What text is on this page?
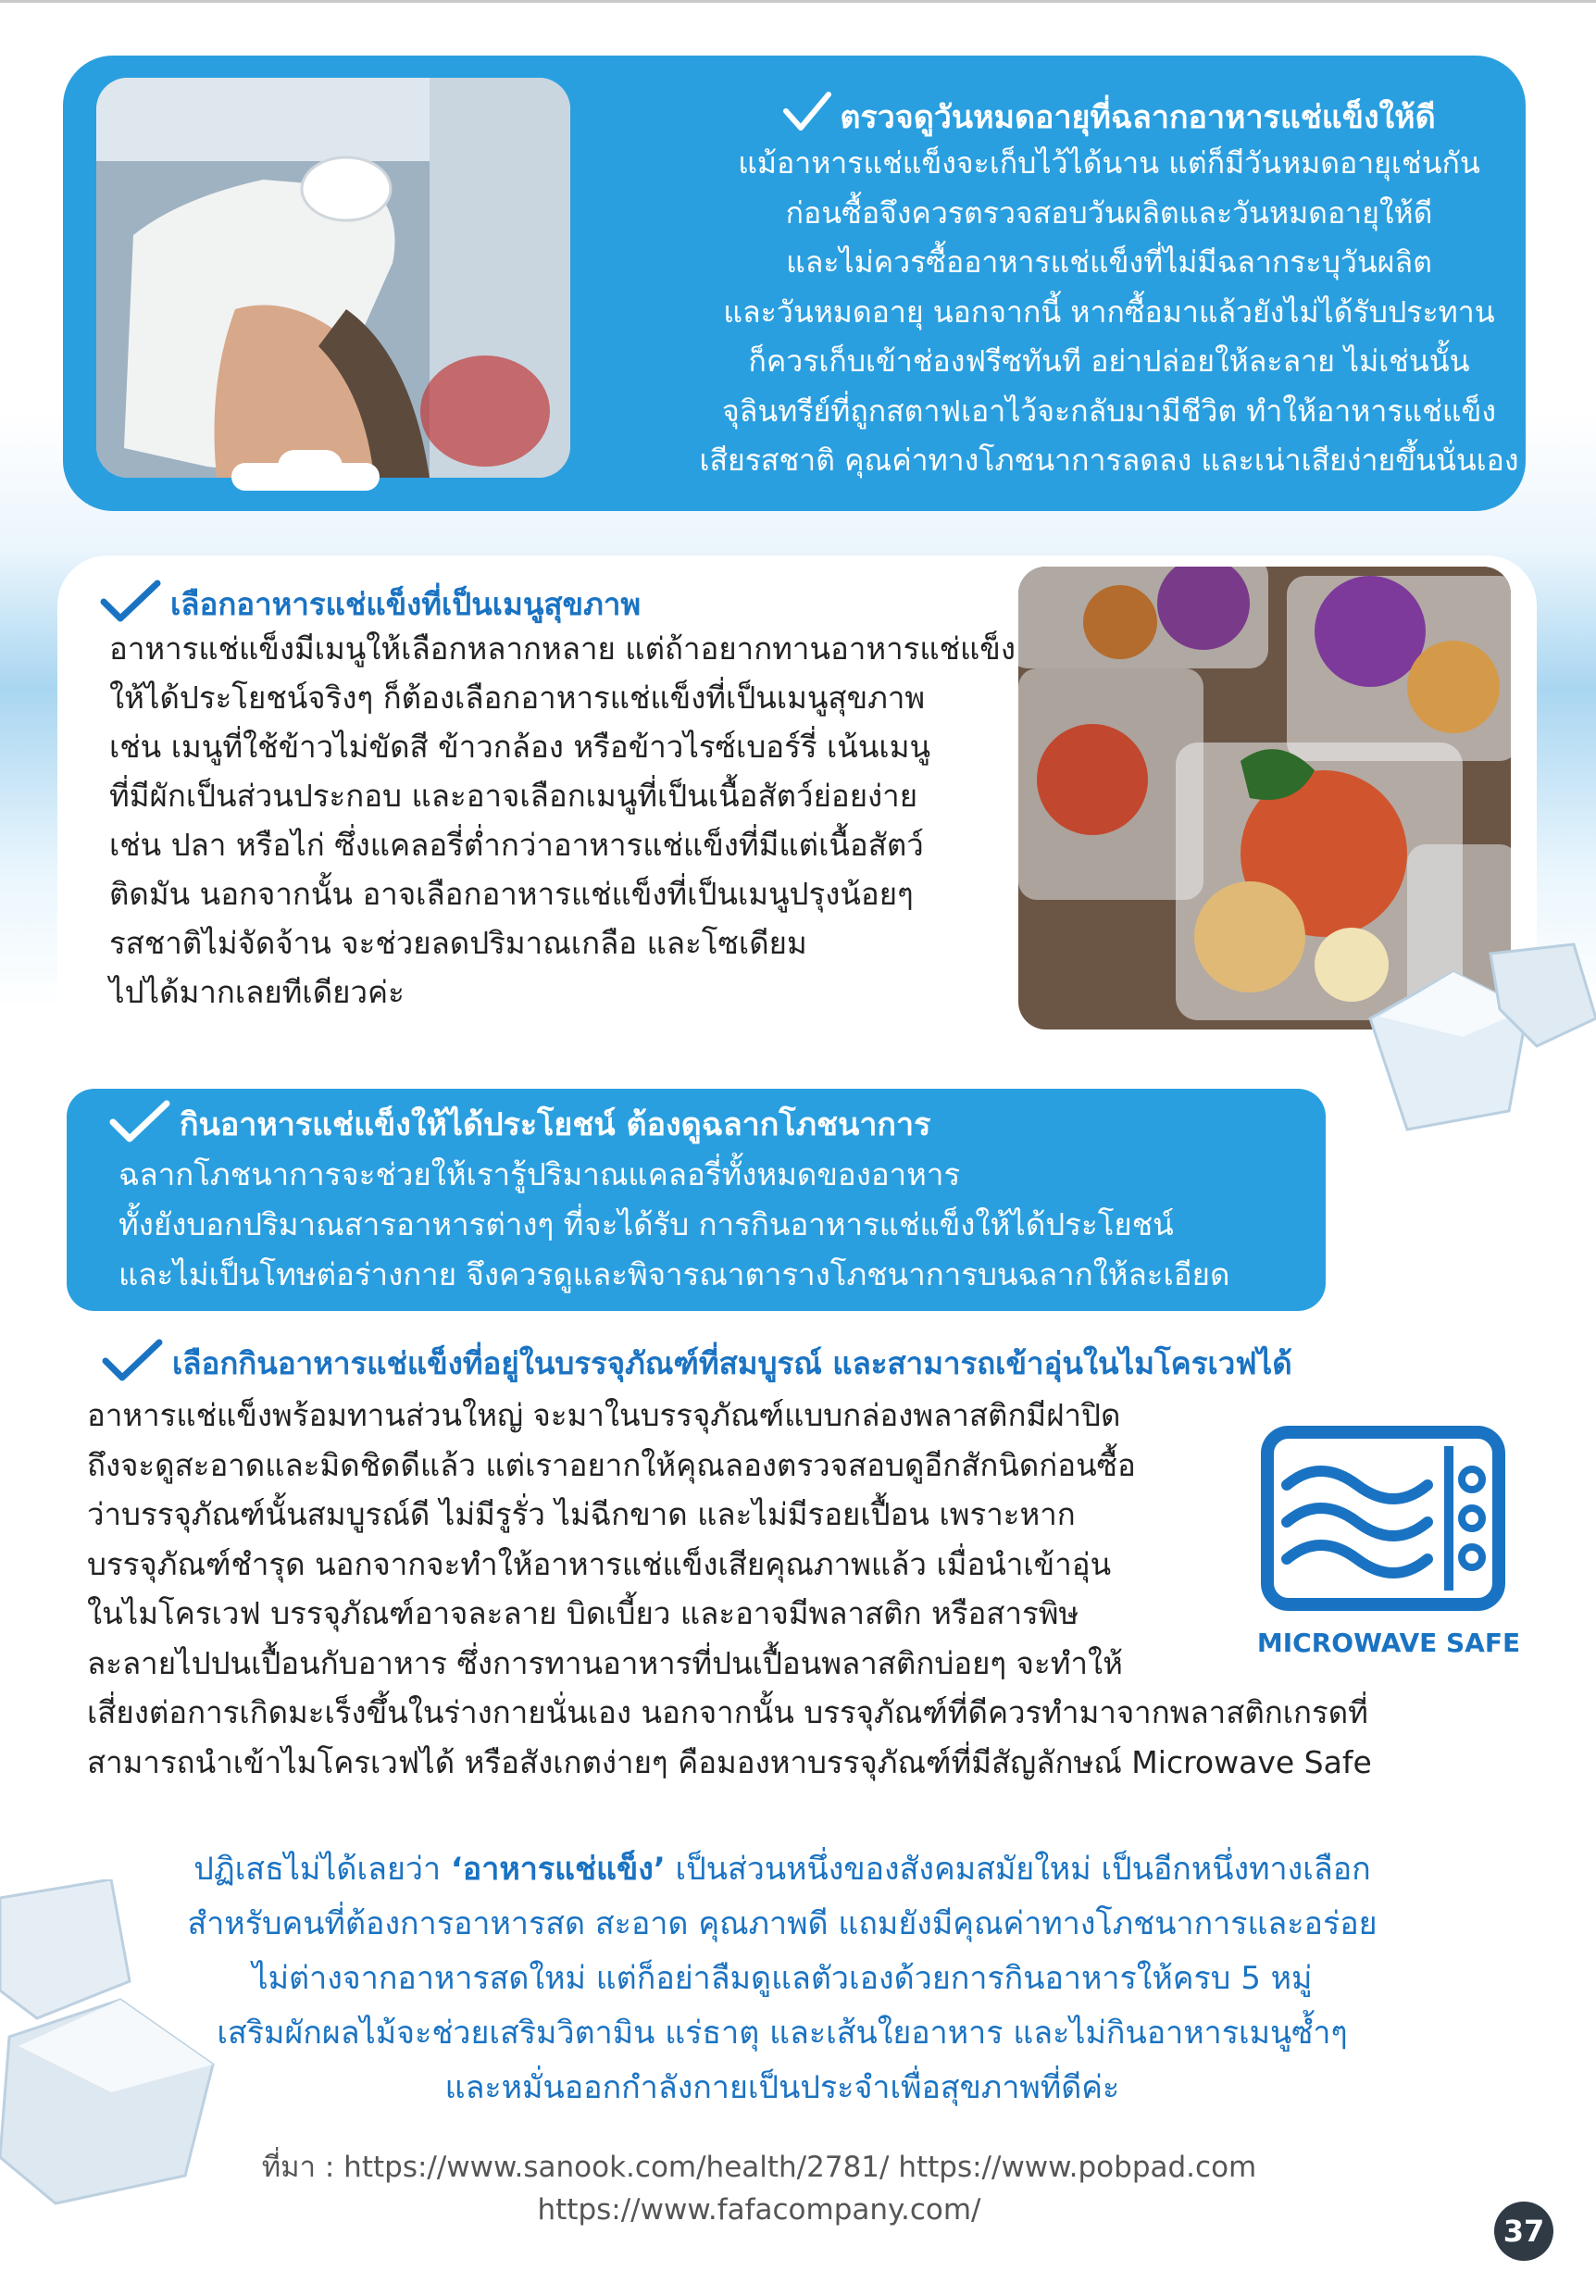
ตรวจดูวันหมดอายุที่ฉลากอาหารแช่แข็งให้ดี
แม้อาหารแช่แข็งจะเก็บไว้ได้นาน แต่ก็มีวันหมดอายุเช่นกัน
ก่อนซื้อจึงควรตรวจสอบวันผลิตและวันหมดอายุให้ดี
และไม่ควรซื้ออาหารแช่แข็งที่ไม่มีฉลากระบุวันผลิต
และวันหมดอายุ นอกจากนี้ หากซื้อมาแล้วยังไม่ได้รับประทาน
ก็ควรเก็บเข้าช่องฟรีซทันที อย่าปล่อยให้ละลาย ไม่เช่นนั้น
จุลินทรีย์ที่ถูกสตาฟเอาไว้จะกลับมามีชีวิต ทำให้อาหารแช่แข็ง
เสียรสชาติ คุณค่าทางโภชนาการลดลง และเน่าเสียง่ายขึ้นนั่นเอง
เลือกอาหารแช่แข็งที่เป็นเมนูสุขภาพ
อาหารแช่แข็งมีเมนูให้เลือกหลากหลาย แต่ถ้าอยากทานอาหารแช่แข็ง
ให้ได้ประโยชน์จริงๆ ก็ต้องเลือกอาหารแช่แข็งที่เป็นเมนูสุขภาพ
เช่น เมนูที่ใช้ข้าวไม่ขัดสี ข้าวกล้อง หรือข้าวไรซ์เบอร์รี่ เน้นเมนู
ที่มีผักเป็นส่วนประกอบ และอาจเลือกเมนูที่เป็นเนื้อสัตว์ย่อยง่าย
เช่น ปลา หรือไก่ ซึ่งแคลอรี่ต่ำกว่าอาหารแช่แข็งที่มีแต่เนื้อสัตว์
ติดมัน นอกจากนั้น อาจเลือกอาหารแช่แข็งที่เป็นเมนูปรุงน้อยๆ
รสชาติไม่จัดจ้าน จะช่วยลดปริมาณเกลือ และโซเดียม
ไปได้มากเลยทีเดียวค่ะ
กินอาหารแช่แข็งให้ได้ประโยชน์ ต้องดูฉลากโภชนาการ
ฉลากโภชนาการจะช่วยให้เรารู้ปริมาณแคลอรี่ทั้งหมดของอาหาร
ทั้งยังบอกปริมาณสารอาหารต่างๆ ที่จะได้รับ การกินอาหารแช่แข็งให้ได้ประโยชน์
และไม่เป็นโทษต่อร่างกาย จึงควรดูและพิจารณาตารางโภชนาการบนฉลากให้ละเอียด
เลือกกินอาหารแช่แข็งที่อยู่ในบรรจุภัณฑ์ที่สมบูรณ์ และสามารถเข้าอุ่นในไมโครเวฟได้
อาหารแช่แข็งพร้อมทานส่วนใหญ่ จะมาในบรรจุภัณฑ์แบบกล่องพลาสติกมีฝาปิด
ถึงจะดูสะอาดและมิดชิดดีแล้ว แต่เราอยากให้คุณลองตรวจสอบดูอีกสักนิดก่อนซื้อ
ว่าบรรจุภัณฑ์นั้นสมบูรณ์ดี ไม่มีรูรั่ว ไม่ฉีกขาด และไม่มีรอยเปื้อน เพราะหาก
บรรจุภัณฑ์ชำรุด นอกจากจะทำให้อาหารแช่แข็งเสียคุณภาพแล้ว เมื่อนำเข้าอุ่น
ในไมโครเวฟ บรรจุภัณฑ์อาจละลาย บิดเบี้ยว และอาจมีพลาสติก หรือสารพิษ
ละลายไปปนเปื้อนกับอาหาร ซึ่งการทานอาหารที่ปนเปื้อนพลาสติกบ่อยๆ จะทำให้
เสี่ยงต่อการเกิดมะเร็งขึ้นในร่างกายนั่นเอง นอกจากนั้น บรรจุภัณฑ์ที่ดีควรทำมาจากพลาสติกเกรดที่
สามารถนำเข้าไมโครเวฟได้ หรือสังเกตง่ายๆ คือมองหาบรรจุภัณฑ์ที่มีสัญลักษณ์ Microwave Safe
MICROWAVE SAFE
ปฏิเสธไม่ได้เลยว่า ‘อาหารแช่แข็ง’ เป็นส่วนหนึ่งของสังคมสมัยใหม่ เป็นอีกหนึ่งทางเลือก
สำหรับคนที่ต้องการอาหารสด สะอาด คุณภาพดี แถมยังมีคุณค่าทางโภชนาการและอร่อย
ไม่ต่างจากอาหารสดใหม่ แต่ก็อย่าลืมดูแลตัวเองด้วยการกินอาหารให้ครบ 5 หมู่
เสริมผักผลไม้จะช่วยเสริมวิตามิน แร่ธาตุ และเส้นใยอาหาร และไม่กินอาหารเมนูซ้ำๆ
และหมั่นออกกำลังกายเป็นประจำเพื่อสุขภาพที่ดีค่ะ
ที่มา : https://www.sanook.com/health/2781/ https://www.pobpad.com
https://www.fafacompany.com/
37
